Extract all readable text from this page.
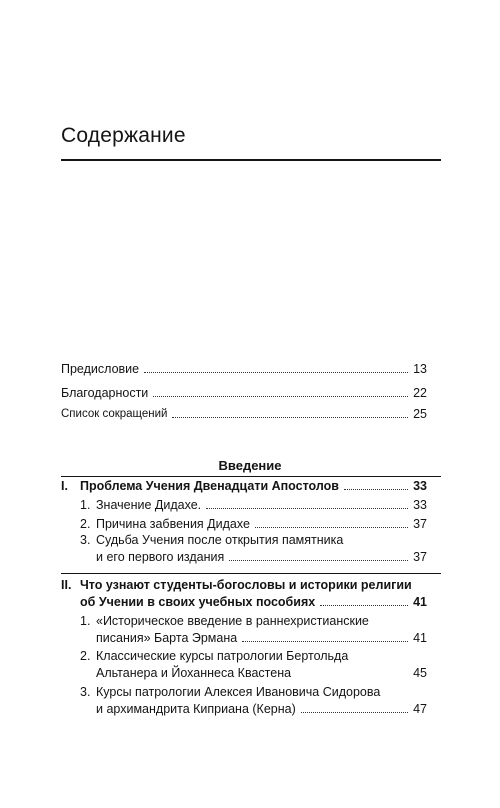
Содержание
Предисловие	13
Благодарности	22
Список сокращений	25
Введение
I. Проблема Учения Двенадцати Апостолов	33
1. Значение Дидахе.	33
2. Причина забвения Дидахе	37
3. Судьба Учения после открытия памятника
и его первого издания	37
II. Что узнают студенты-богословы и историки религии
об Учении в своих учебных пособиях	41
1. «Историческое введение в раннехристианские
писания» Барта Эрмана	41
2. Классические курсы патрологии Бертольда
Альтанера и Йоханнеса Квастена	45
3. Курсы патрологии Алексея Ивановича Сидорова
и архимандрита Киприана (Керна)	47
